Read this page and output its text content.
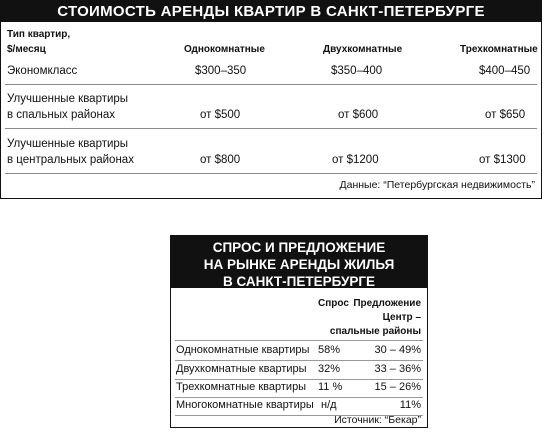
СТОИМОСТЬ АРЕНДЫ КВАРТИР В САНКТ-ПЕТЕРБУРГЕ
Тип квартир,
$/месяц	Однокомнатные	Двухкомнатные	Трехкомнатные
Экономкласс	$300–350	$350–400	$400–450
Улучшенные квартиры
в спальных районах	от $500	от $600	от $650
Улучшенные квартиры
в центральных районах	от $800	от $1200	от $1300
Данные: “Петербургская недвижимость”
СПРОС И ПРЕДЛОЖЕНИЕ
НА РЫНКЕ АРЕНДЫ ЖИЛЬЯ
В САНКТ-ПЕТЕРБУРГЕ
Спрос Предложение
Центр –
спальные районы
Однокомнатные квартиры 58%	30 – 49%
Двухкомнатные квартиры 32%	33 – 36%
Трехкомнатные квартиры 11 %	15 – 26%
Многокомнатные квартиры н/д	11%
Источник: “Бекар”
